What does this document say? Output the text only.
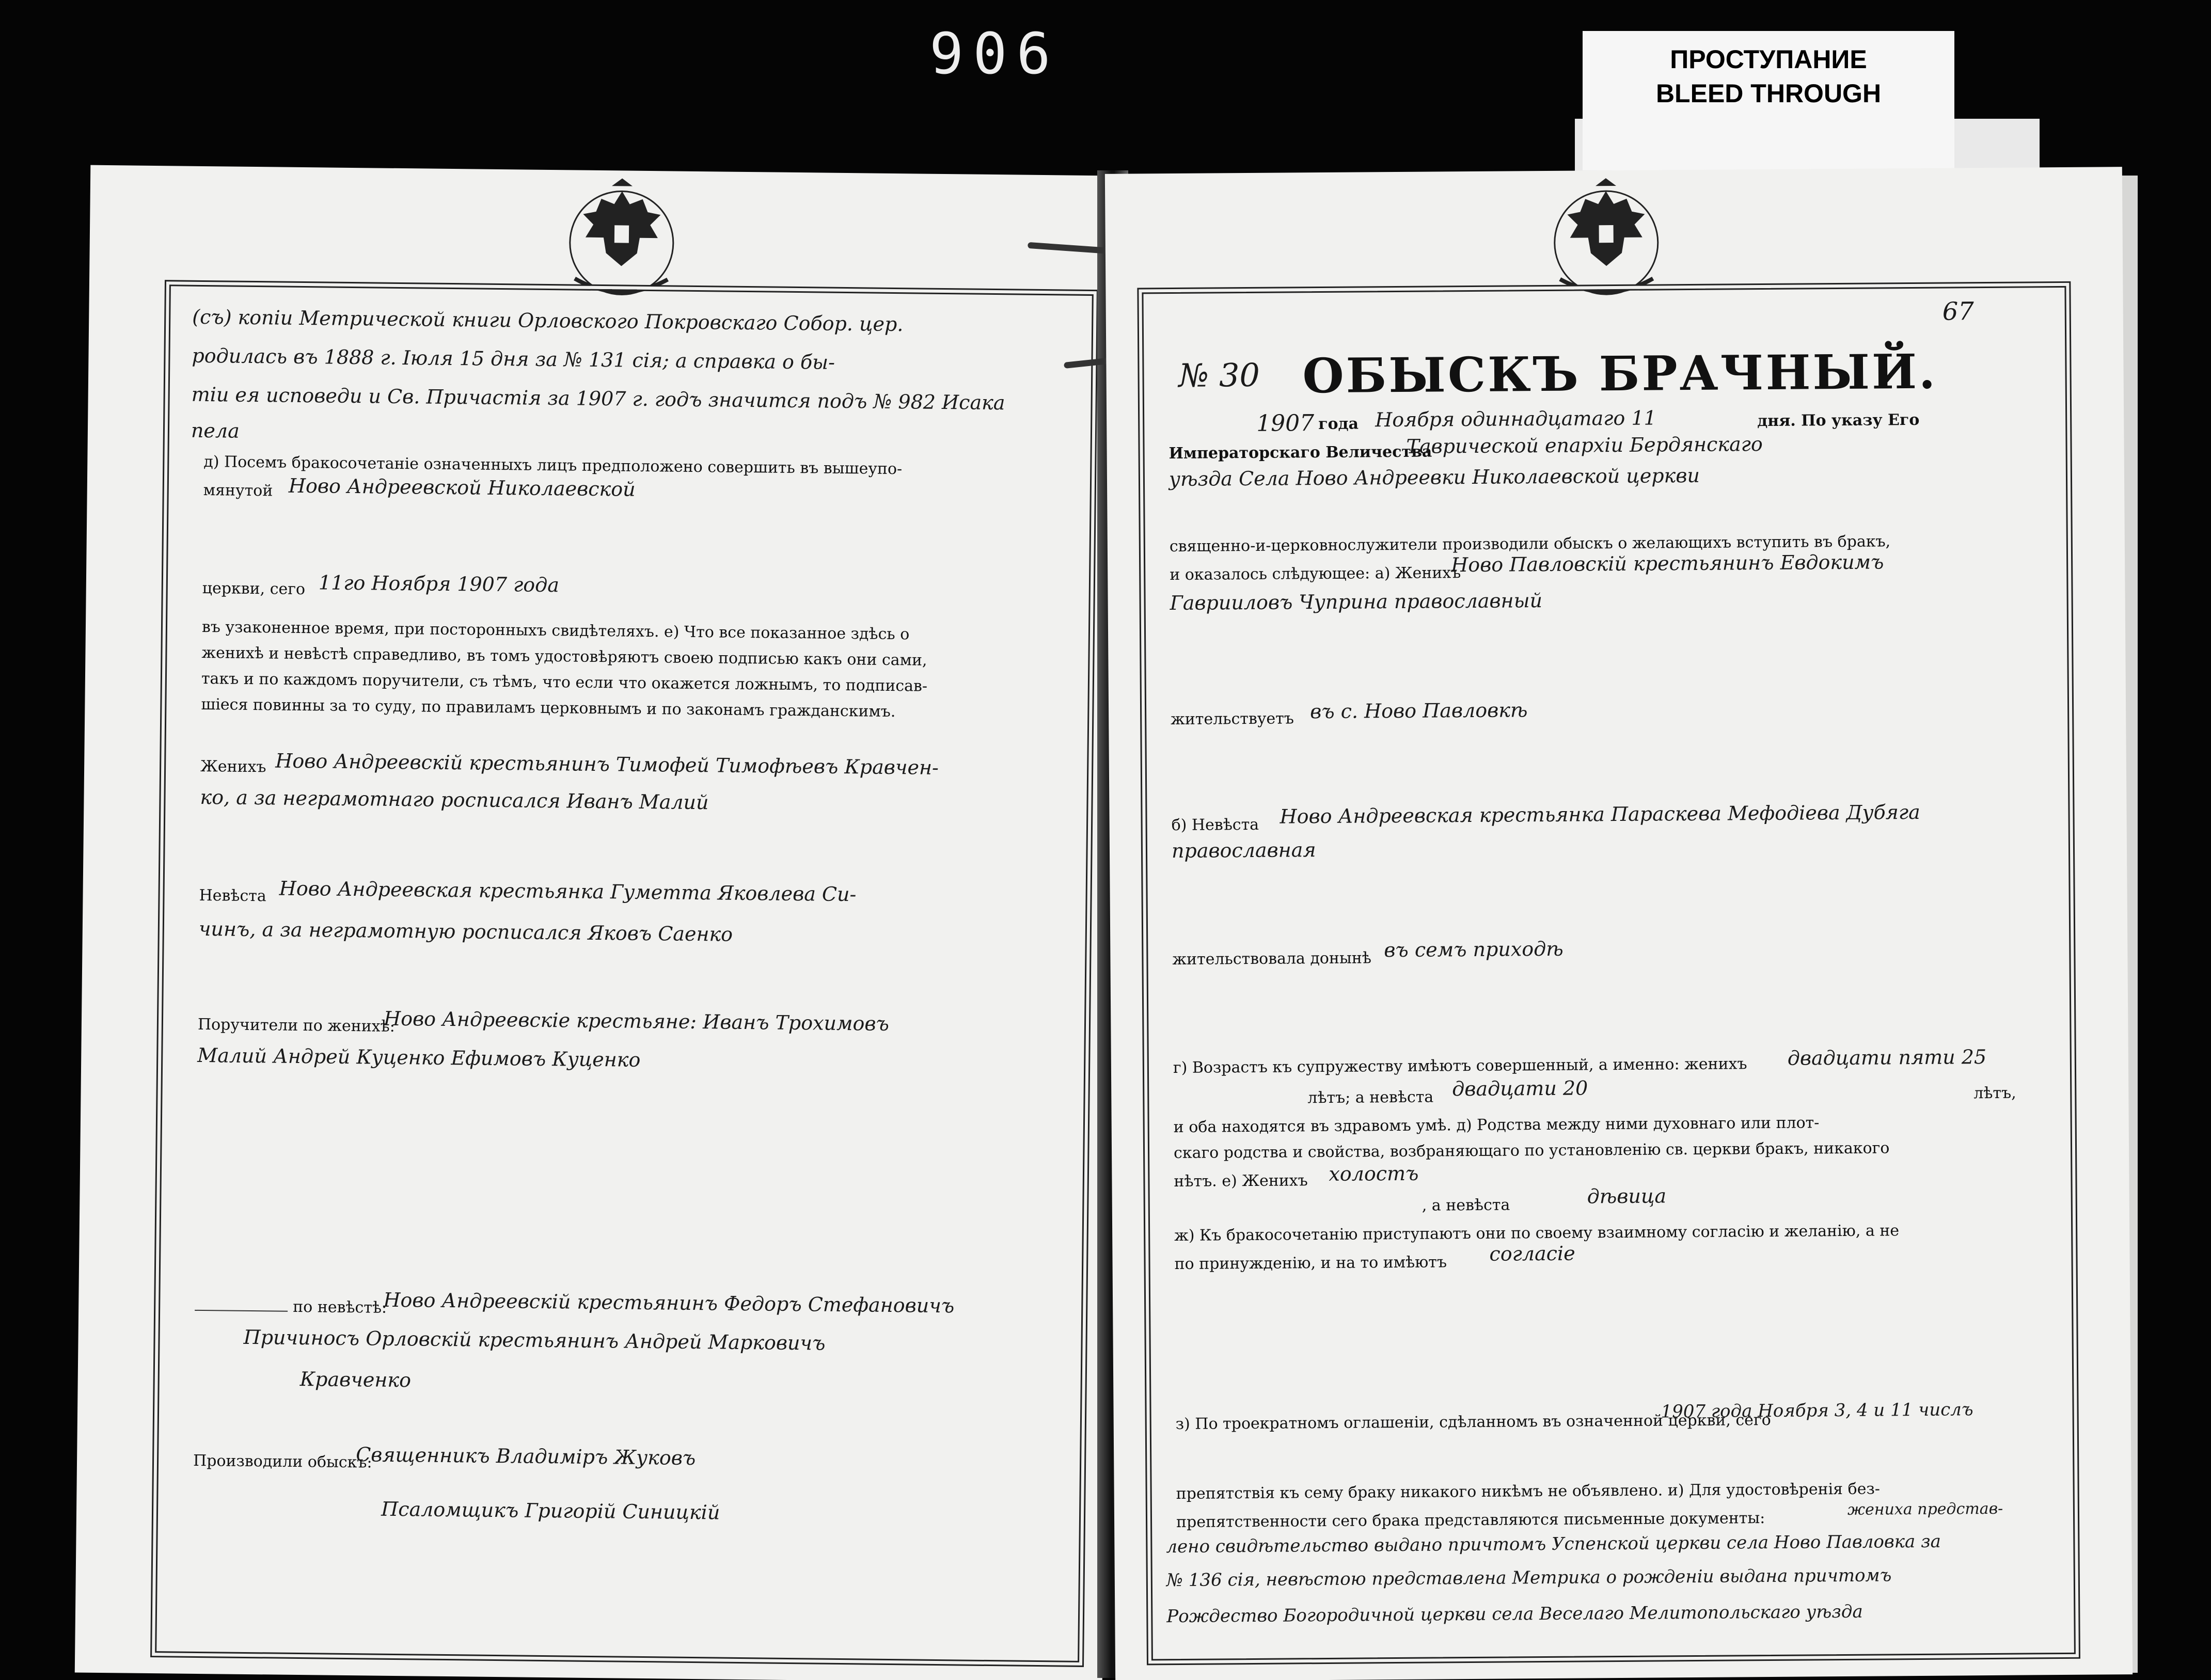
906	ПРОСТУПАНИЕ
BLEED THROUGH
(съ) копіи Метрической книги Орловского Покровскаго Собор. цер.
родилась въ 1888 г. Іюля 15 дня за № 131 сія; а справка о бы-
тіи ея исповеди и Св. Причастія за 1907 г. годъ значится подъ № 982 Исака
пела
д) Посемъ бракосочетаніе означенныхъ лицъ предположено совершить въ вышеупо-
мянутой Ново Андреевской Николаевской
церкви, сего 11го Ноября 1907 года
въ узаконенное время, при посторонныхъ свидѣтеляхъ. е) Что все показанное здѣсь о
женихѣ и невѣстѣ справедливо, въ томъ удостовѣряютъ своею подписью какъ они сами,
такъ и по каждомъ поручители, съ тѣмъ, что если что окажется ложнымъ, то подписав-
шіеся повинны за то суду, по правиламъ церковнымъ и по законамъ гражданскимъ.
Женихъ Ново Андреевскій крестьянинъ Тимофей Тимофѣевъ Кравчен-
ко, а за неграмотнаго росписался Иванъ Малий
Невѣста Ново Андреевская крестьянка Гуметта Яковлева Си-
чинъ, а за неграмотную росписался Яковъ Саенко
Поручители по женихѣ:
Ново Андреевскіе крестьяне: Иванъ Трохимовъ
Малий Андрей Куценко Ефимовъ Куценко
по невѣстѣ:
Ново Андреевскій крестьянинъ Федоръ Стефановичъ
Причиносъ Орловскій крестьянинъ Андрей Марковичъ
Кравченко
Производили обыскъ:
Священникъ Владиміръ Жуковъ
Псаломщикъ Григорій Синицкій
67
№ 30 ОБЫСКЪ БРАЧНЫЙ.
1907 года Ноября одиннадцатаго 11	дня. По указу Его
Императорскаго Величества
Таврической епархіи Бердянскаго
уѣзда Села Ново Андреевки Николаевской церкви
священно-и-церковнослужители производили обыскъ о желающихъ вступить въ бракъ,
и оказалось слѣдующее: а) Женихъ
Ново Павловскій крестьянинъ Евдокимъ
Гаврииловъ Чуприна православный
жительствуетъ въ с. Ново Павловкѣ
б) Невѣста Ново Андреевская крестьянка Параскева Мефодіева Дубяга
православная
жительствовала донынѣ въ семъ приходѣ
г) Возрастъ къ супружеству имѣютъ совершенный, а именно: женихъ двадцати пяти 25
лѣтъ; а невѣста двадцати 20	лѣтъ,
и оба находятся въ здравомъ умѣ. д) Родства между ними духовнаго или плот-
скаго родства и свойства, возбраняющаго по установленію св. церкви бракъ, никакого
нѣтъ. е) Женихъ холостъ
, а невѣста	дѣвица
ж) Къ бракосочетанію приступаютъ они по своему взаимному согласію и желанію, а не
по принужденію, и на то имѣютъ согласіе
з) По троекратномъ оглашеніи, сдѣланномъ въ означенной церкви, сего
1907 года Ноября 3, 4 и 11 числъ
препятствія къ сему браку никакого никѣмъ не объявлено. и) Для удостовѣренія без-
препятственности сего брака представляются письменные документы:	жениха представ-
лено свидѣтельство выдано причтомъ Успенской церкви села Ново Павловка за
№ 136 сія, невѣстою представлена Метрика о рожденіи выдана причтомъ
Рождество Богородичной церкви села Веселаго Мелитопольскаго уѣзда
